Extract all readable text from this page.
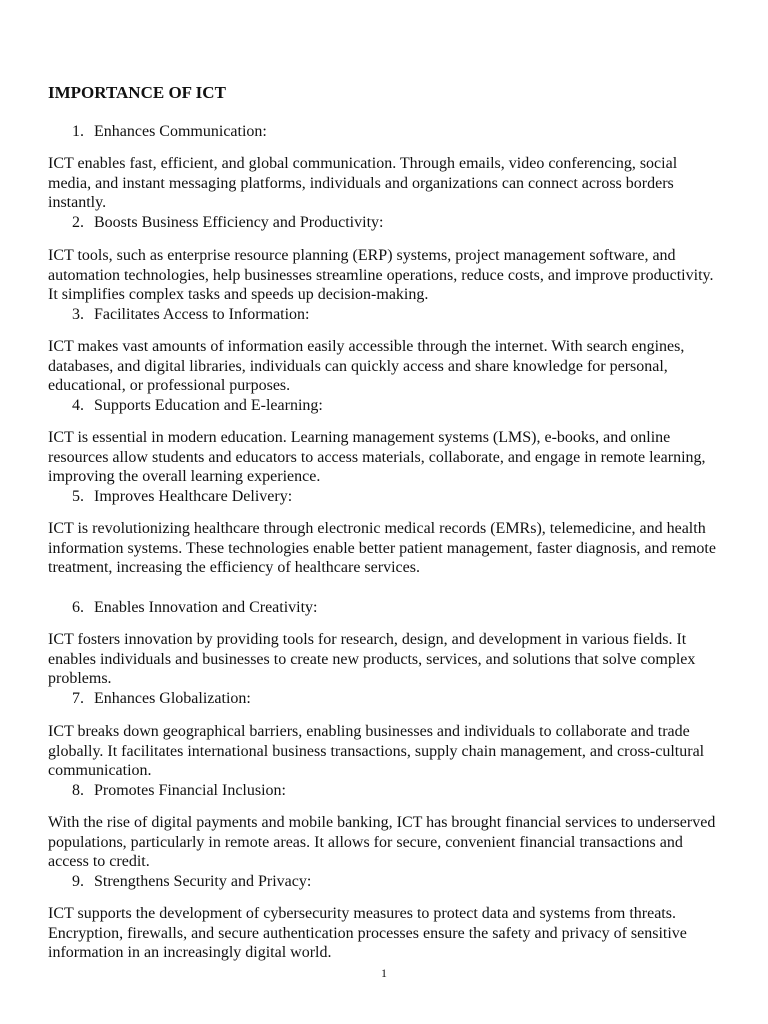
IMPORTANCE OF ICT
1. Enhances Communication:
ICT enables fast, efficient, and global communication. Through emails, video conferencing, social media, and instant messaging platforms, individuals and organizations can connect across borders instantly.
2. Boosts Business Efficiency and Productivity:
ICT tools, such as enterprise resource planning (ERP) systems, project management software, and automation technologies, help businesses streamline operations, reduce costs, and improve productivity. It simplifies complex tasks and speeds up decision-making.
3. Facilitates Access to Information:
ICT makes vast amounts of information easily accessible through the internet. With search engines, databases, and digital libraries, individuals can quickly access and share knowledge for personal, educational, or professional purposes.
4. Supports Education and E-learning:
ICT is essential in modern education. Learning management systems (LMS), e-books, and online resources allow students and educators to access materials, collaborate, and engage in remote learning, improving the overall learning experience.
5. Improves Healthcare Delivery:
ICT is revolutionizing healthcare through electronic medical records (EMRs), telemedicine, and health information systems. These technologies enable better patient management, faster diagnosis, and remote treatment, increasing the efficiency of healthcare services.
6. Enables Innovation and Creativity:
ICT fosters innovation by providing tools for research, design, and development in various fields. It enables individuals and businesses to create new products, services, and solutions that solve complex problems.
7. Enhances Globalization:
ICT breaks down geographical barriers, enabling businesses and individuals to collaborate and trade globally. It facilitates international business transactions, supply chain management, and cross-cultural communication.
8. Promotes Financial Inclusion:
With the rise of digital payments and mobile banking, ICT has brought financial services to underserved populations, particularly in remote areas. It allows for secure, convenient financial transactions and access to credit.
9. Strengthens Security and Privacy:
ICT supports the development of cybersecurity measures to protect data and systems from threats. Encryption, firewalls, and secure authentication processes ensure the safety and privacy of sensitive information in an increasingly digital world.
1
